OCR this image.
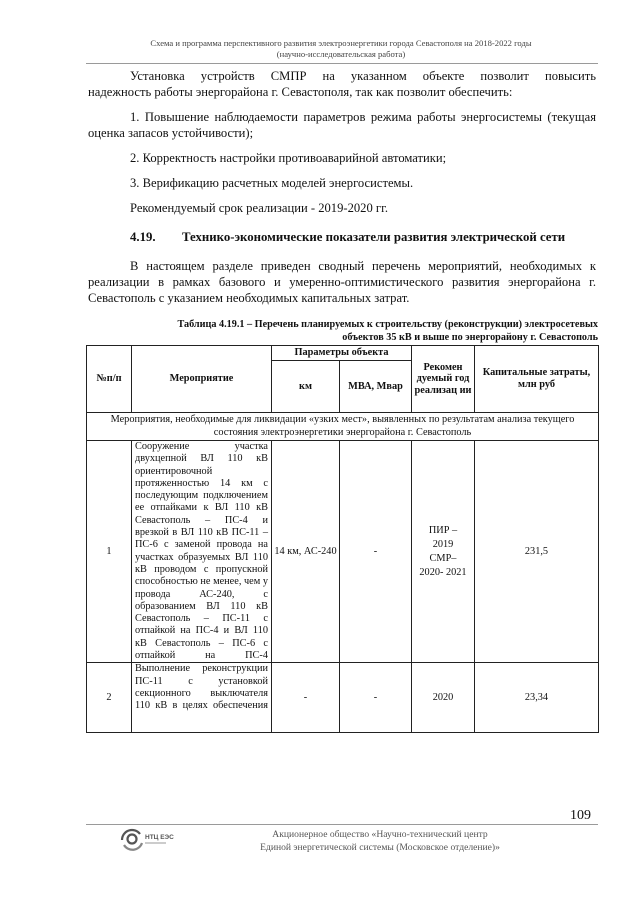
Схема и программа перспективного развития электроэнергетики города Севастополя на 2018-2022 годы
(научно-исследовательская работа)

Установка устройств СМПР на указанном объекте позволит повысить

надежность работы энергорайона г. Севастополя, так как позволит обеспечить:

1. Повышение наблюдаемости параметров режима работы энергосистемы (текущая оценка запасов устойчивости);

2. Корректность настройки противоаварийной автоматики;

3. Верификацию расчетных моделей энергосистемы.

Рекомендуемый срок реализации - 2019-2020 гг.

4.19. Технико-экономические показатели развития электрической сети

В настоящем разделе приведен сводный перечень мероприятий, необходимых к реализации в рамках базового и умеренно-оптимистического развития энергорайона г. Севастополь с указанием необходимых капитальных затрат.

Таблица 4.19.1 – Перечень планируемых к строительству (реконструкции) электросетевых
объектов 35 кВ и выше по энергорайону г. Севастополь
№п/п	Мероприятие	Параметры объекта		Рекомен дуемый год реализац ии	Капитальные затраты, млн руб
		км	МВА, Мвар		
Мероприятия, необходимые для ликвидации «узких мест», выявленных по результатам анализа текущего состояния электроэнергетики энергорайона г. Севастополь					
1	Сооружение участка двухцепной ВЛ 110 кВ ориентировочной протяженностью 14 км с последующим подключением ее отпайками к ВЛ 110 кВ Севастополь – ПС-4 и врезкой в ВЛ 110 кВ ПС-11 – ПС-6 с заменой провода на участках образуемых ВЛ 110 кВ проводом с пропускной способностью не менее, чем у провода АС-240, с образованием ВЛ 110 кВ Севастополь – ПС-11 с отпайкой на ПС-4 и ВЛ 110 кВ Севастополь – ПС-6 с отпайкой на ПС-4	14 км, АС-240	-	ПИР – 2019 СМР– 2020- 2021	231,5
2	Выполнение реконструкции ПС-11 с установкой секционного выключателя 110 кВ в целях обеспечения	-	-	2020	23,34
109
НТЦ ЕЭС	Акционерное общество «Научно-технический центр
Единой энергетической системы (Московское отделение)»
